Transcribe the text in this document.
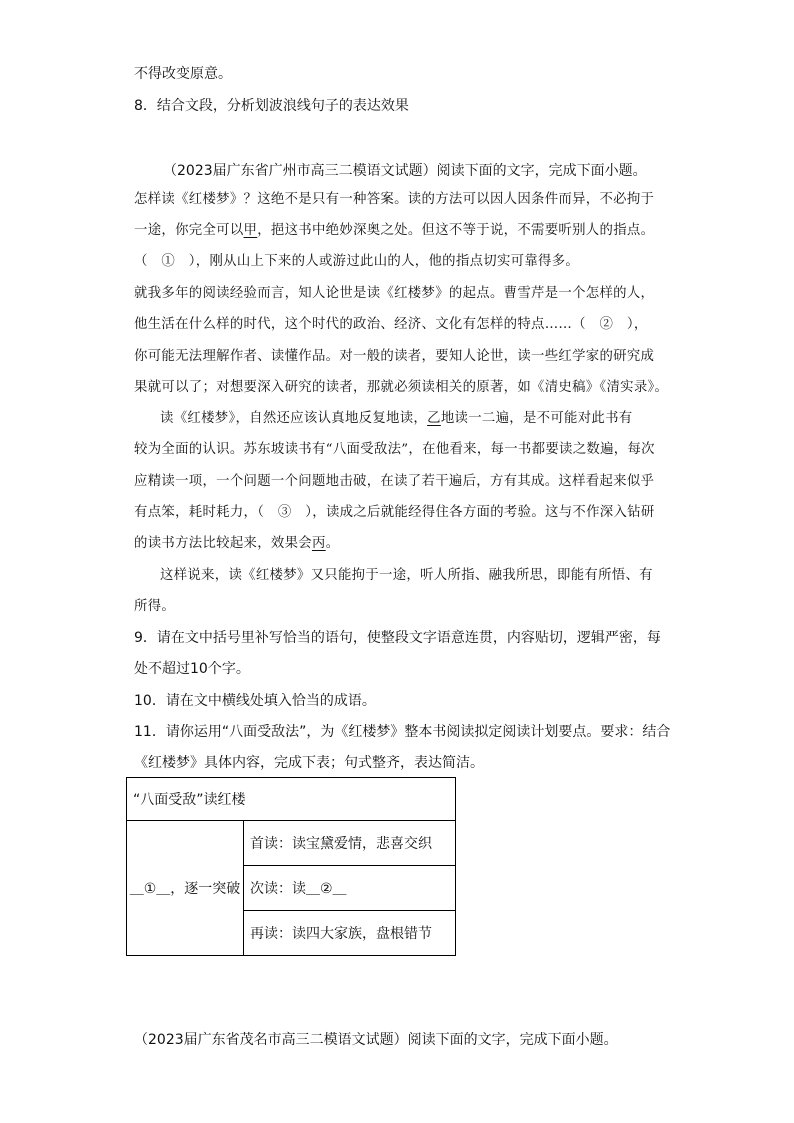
不得改变原意。
8．结合文段，分析划波浪线句子的表达效果
（2023届广东省广州市高三二模语文试题）阅读下面的文字，完成下面小题。
怎样读《红楼梦》？这绝不是只有一种答案。读的方法可以因人因条件而异，不必拘于
一途，你完全可以甲，挹这书中绝妙深奥之处。但这不等于说，不需要听别人的指点。
（　①　），刚从山上下来的人或游过此山的人，他的指点切实可靠得多。
就我多年的阅读经验而言，知人论世是读《红楼梦》的起点。曹雪芹是一个怎样的人，
他生活在什么样的时代，这个时代的政治、经济、文化有怎样的特点……（　②　），
你可能无法理解作者、读懂作品。对一般的读者，要知人论世，读一些红学家的研究成
果就可以了；对想要深入研究的读者，那就必须读相关的原著，如《清史稿》《清实录》。
读《红楼梦》，自然还应该认真地反复地读，乙地读一二遍，是不可能对此书有
较为全面的认识。苏东坡读书有“八面受敌法”，在他看来，每一书都要读之数遍，每次
应精读一项，一个问题一个问题地击破，在读了若干遍后，方有其成。这样看起来似乎
有点笨，耗时耗力，（　③　），读成之后就能经得住各方面的考验。这与不作深入钻研
的读书方法比较起来，效果会丙。
这样说来，读《红楼梦》又只能拘于一途，听人所指、融我所思，即能有所悟、有
所得。
9．请在文中括号里补写恰当的语句，使整段文字语意连贯，内容贴切，逻辑严密，每
处不超过10个字。
10．请在文中横线处填入恰当的成语。
11．请你运用“八面受敌法”，为《红楼梦》整本书阅读拟定阅读计划要点。要求：结合
《红楼梦》具体内容，完成下表；句式整齐，表达简洁。
“八面受敌”读红楼
＿①＿，逐一突破	首读：读宝黛爱情，悲喜交织
次读：读＿②＿
再读：读四大家族，盘根错节
（2023届广东省茂名市高三二模语文试题）阅读下面的文字，完成下面小题。
